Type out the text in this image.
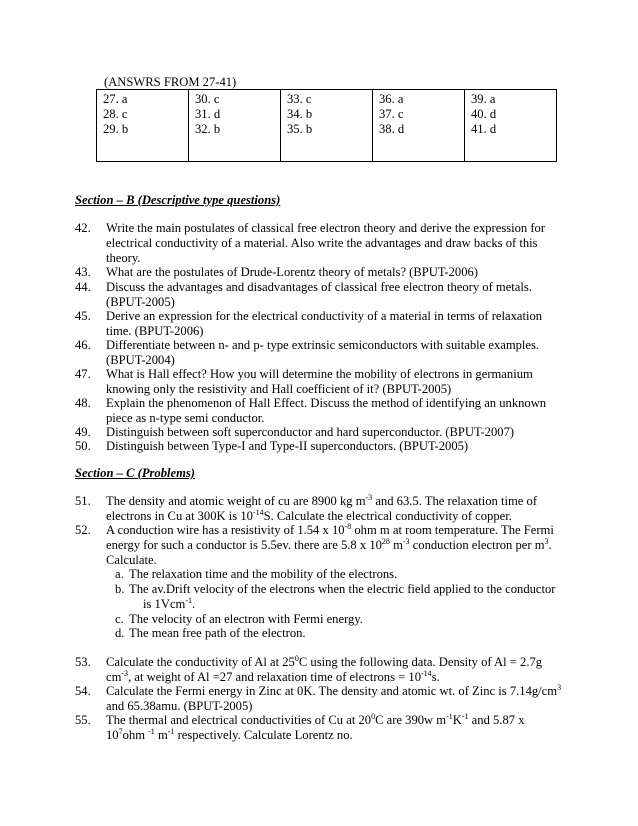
(ANSWRS FROM 27-41)
27. a
28. c
29. b

30. c
31. d
32. b

33. c
34. b
35. b

36. a
37. c
38. d

39. a
40. d
41. d
Section – B (Descriptive type questions)
42. Write the main postulates of classical free electron theory and derive the expression for
electrical conductivity of a material. Also write the advantages and draw backs of this
theory.
43. What are the postulates of Drude-Lorentz theory of metals? (BPUT-2006)
44. Discuss the advantages and disadvantages of classical free electron theory of metals.
(BPUT-2005)
45. Derive an expression for the electrical conductivity of a material in terms of relaxation
time. (BPUT-2006)
46. Differentiate between n- and p- type extrinsic semiconductors with suitable examples.
(BPUT-2004)
47. What is Hall effect? How you will determine the mobility of electrons in germanium
knowing only the resistivity and Hall coefficient of it? (BPUT-2005)
48. Explain the phenomenon of Hall Effect. Discuss the method of identifying an unknown
piece as n-type semi conductor.
49. Distinguish between soft superconductor and hard superconductor. (BPUT-2007)
50. Distinguish between Type-I and Type-II superconductors. (BPUT-2005)
Section – C (Problems)
51. The density and atomic weight of cu are 8900 kg $m^{-3}$ and 63.5. The relaxation time of
electrons in Cu at 300K is $10^{-14}S$. Calculate the electrical conductivity of copper.
52. A conduction wire has a resistivity of 1.54 x $10^{-8}$ ohm m at room temperature. The Fermi
energy for such a conductor is 5.5ev. there are 5.8 x $10^{28}$ $m^{-3}$ conduction electron per $m^3$.
Calculate.
a. The relaxation time and the mobility of the electrons.
b. The av.Drift velocity of the electrons when the electric field applied to the conductor
is 1Vcm$^{-1}$.
c. The velocity of an electron with Fermi energy.
d. The mean free path of the electron.
53. Calculate the conductivity of Al at $25^0C$ using the following data. Density of Al = 2.7g
$cm^{-3}$, at weight of Al =27 and relaxation time of electrons = $10^{-14}s$.
54. Calculate the Fermi energy in Zinc at 0K. The density and atomic wt. of Zinc is $7.14g/cm^3$
and 65.38amu. (BPUT-2005)
55. The thermal and electrical conductivities of Cu at $20^0C$ are 390w $m^{-1}K^{-1}$ and 5.87 x
$10^7ohm$ $^{-1}$ $m^{-1}$ respectively. Calculate Lorentz no.
